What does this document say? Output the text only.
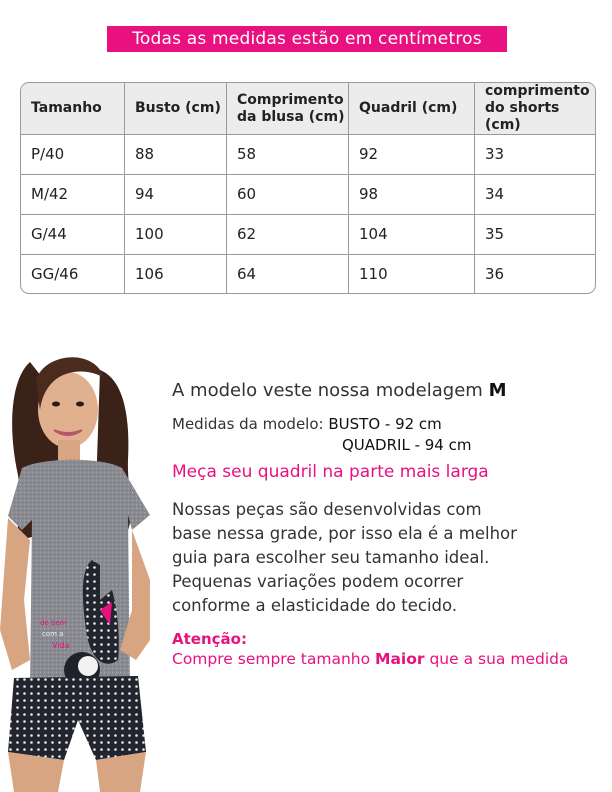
Todas as medidas estão em centímetros
Tamanho	Busto (cm)	Comprimento da blusa (cm)	Quadril (cm)	comprimento do shorts (cm)
P/40	88	58	92	33
M/42	94	60	98	34
G/44	100	62	104	35
GG/46	106	64	110	36
de bem
com a
Vida
A modelo veste nossa modelagem M
Medidas da modelo: BUSTO - 92 cm
QUADRIL - 94 cm
Meça seu quadril na parte mais larga
Nossas peças são desenvolvidas com
base nessa grade, por isso ela é a melhor
guia para escolher seu tamanho ideal.
Pequenas variações podem ocorrer
conforme a elasticidade do tecido.
Atenção:
Compre sempre tamanho Maior que a sua medida
